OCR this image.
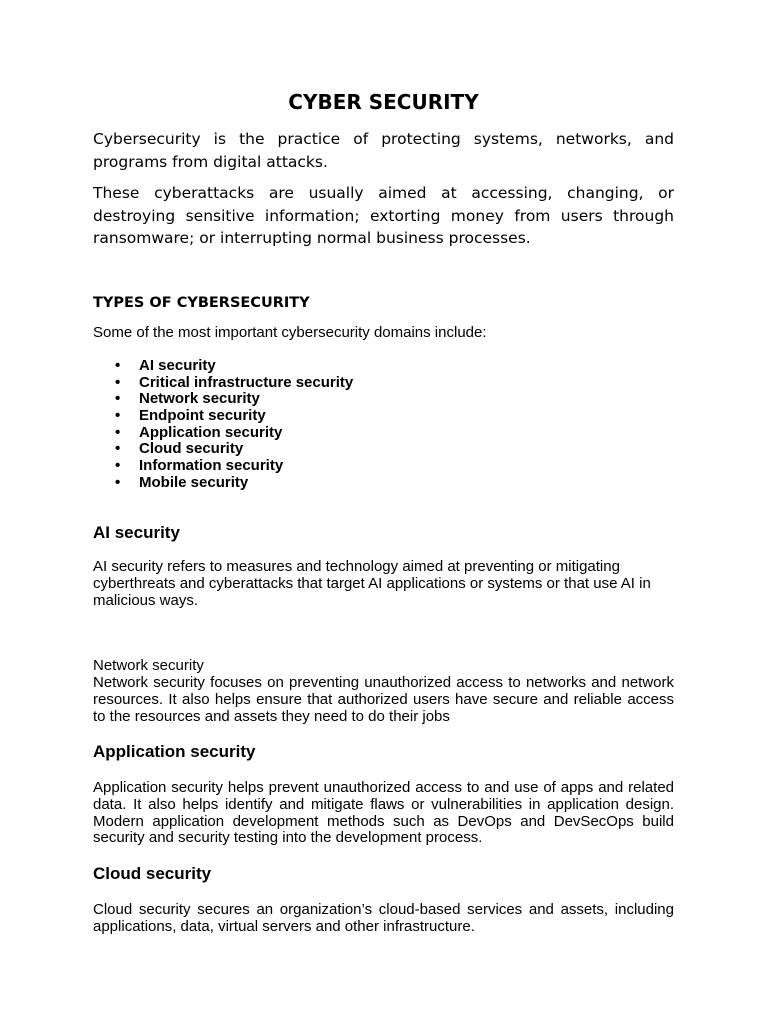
CYBER SECURITY

Cybersecurity is the practice of protecting systems, networks, and programs from digital attacks.

These cyberattacks are usually aimed at accessing, changing, or destroying sensitive information; extorting money from users through ransomware; or interrupting normal business processes.

TYPES OF CYBERSECURITY

Some of the most important cybersecurity domains include:

• AI security
• Critical infrastructure security
• Network security
• Endpoint security
• Application security
• Cloud security
• Information security
• Mobile security
AI security

AI security refers to measures and technology aimed at preventing or mitigating cyberthreats and cyberattacks that target AI applications or systems or that use AI in malicious ways.

Network security

Network security focuses on preventing unauthorized access to networks and network resources. It also helps ensure that authorized users have secure and reliable access to the resources and assets they need to do their jobs

Application security

Application security helps prevent unauthorized access to and use of apps and related data. It also helps identify and mitigate flaws or vulnerabilities in application design. Modern application development methods such as DevOps and DevSecOps build security and security testing into the development process.

Cloud security

Cloud security secures an organization’s cloud-based services and assets, including applications, data, virtual servers and other infrastructure.
